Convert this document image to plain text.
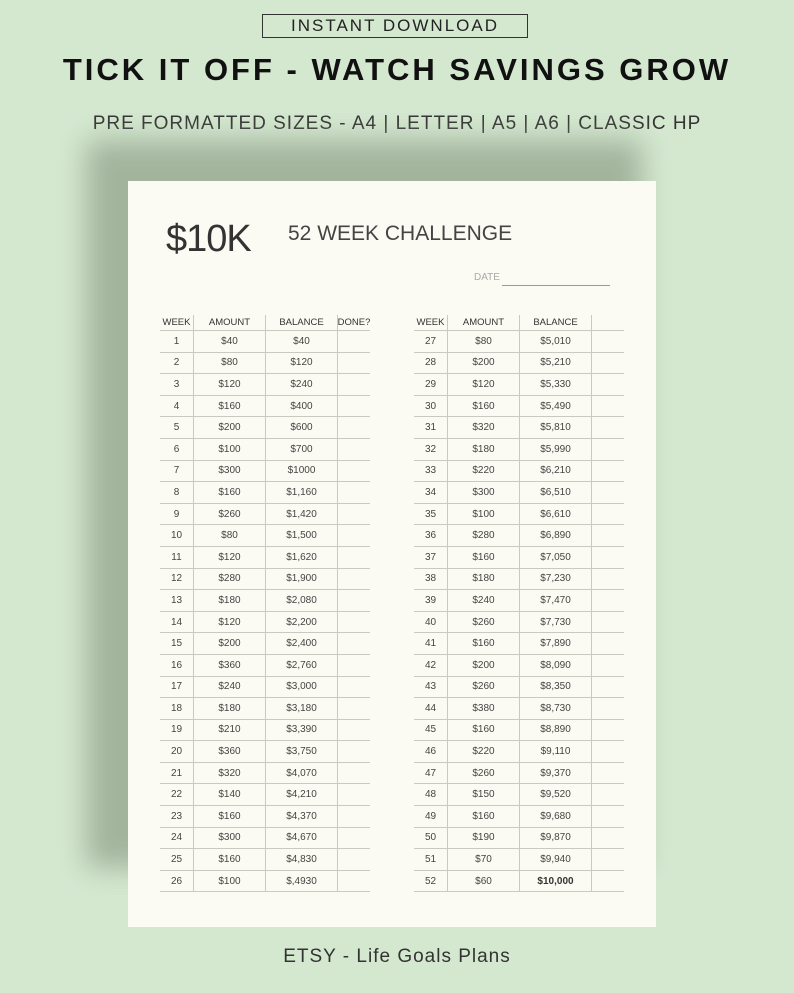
INSTANT DOWNLOAD
TICK IT OFF - WATCH SAVINGS GROW
PRE FORMATTED SIZES - A4 | LETTER | A5 | A6 | CLASSIC HP
$10K 52 WEEK CHALLENGE
DATE
WEEK	AMOUNT	BALANCE	DONE?
1	$40	$40
2	$80	$120
3	$120	$240
4	$160	$400
5	$200	$600
6	$100	$700
7	$300	$1000
8	$160	$1,160
9	$260	$1,420
10	$80	$1,500
11	$120	$1,620
12	$280	$1,900
13	$180	$2,080
14	$120	$2,200
15	$200	$2,400
16	$360	$2,760
17	$240	$3,000
18	$180	$3,180
19	$210	$3,390
20	$360	$3,750
21	$320	$4,070
22	$140	$4,210
23	$160	$4,370
24	$300	$4,670
25	$160	$4,830
26	$100	$,4930
WEEK	AMOUNT	BALANCE
27	$80	$5,010
28	$200	$5,210
29	$120	$5,330
30	$160	$5,490
31	$320	$5,810
32	$180	$5,990
33	$220	$6,210
34	$300	$6,510
35	$100	$6,610
36	$280	$6,890
37	$160	$7,050
38	$180	$7,230
39	$240	$7,470
40	$260	$7,730
41	$160	$7,890
42	$200	$8,090
43	$260	$8,350
44	$380	$8,730
45	$160	$8,890
46	$220	$9,110
47	$260	$9,370
48	$150	$9,520
49	$160	$9,680
50	$190	$9,870
51	$70	$9,940
52	$60	$10,000
ETSY - Life Goals Plans
